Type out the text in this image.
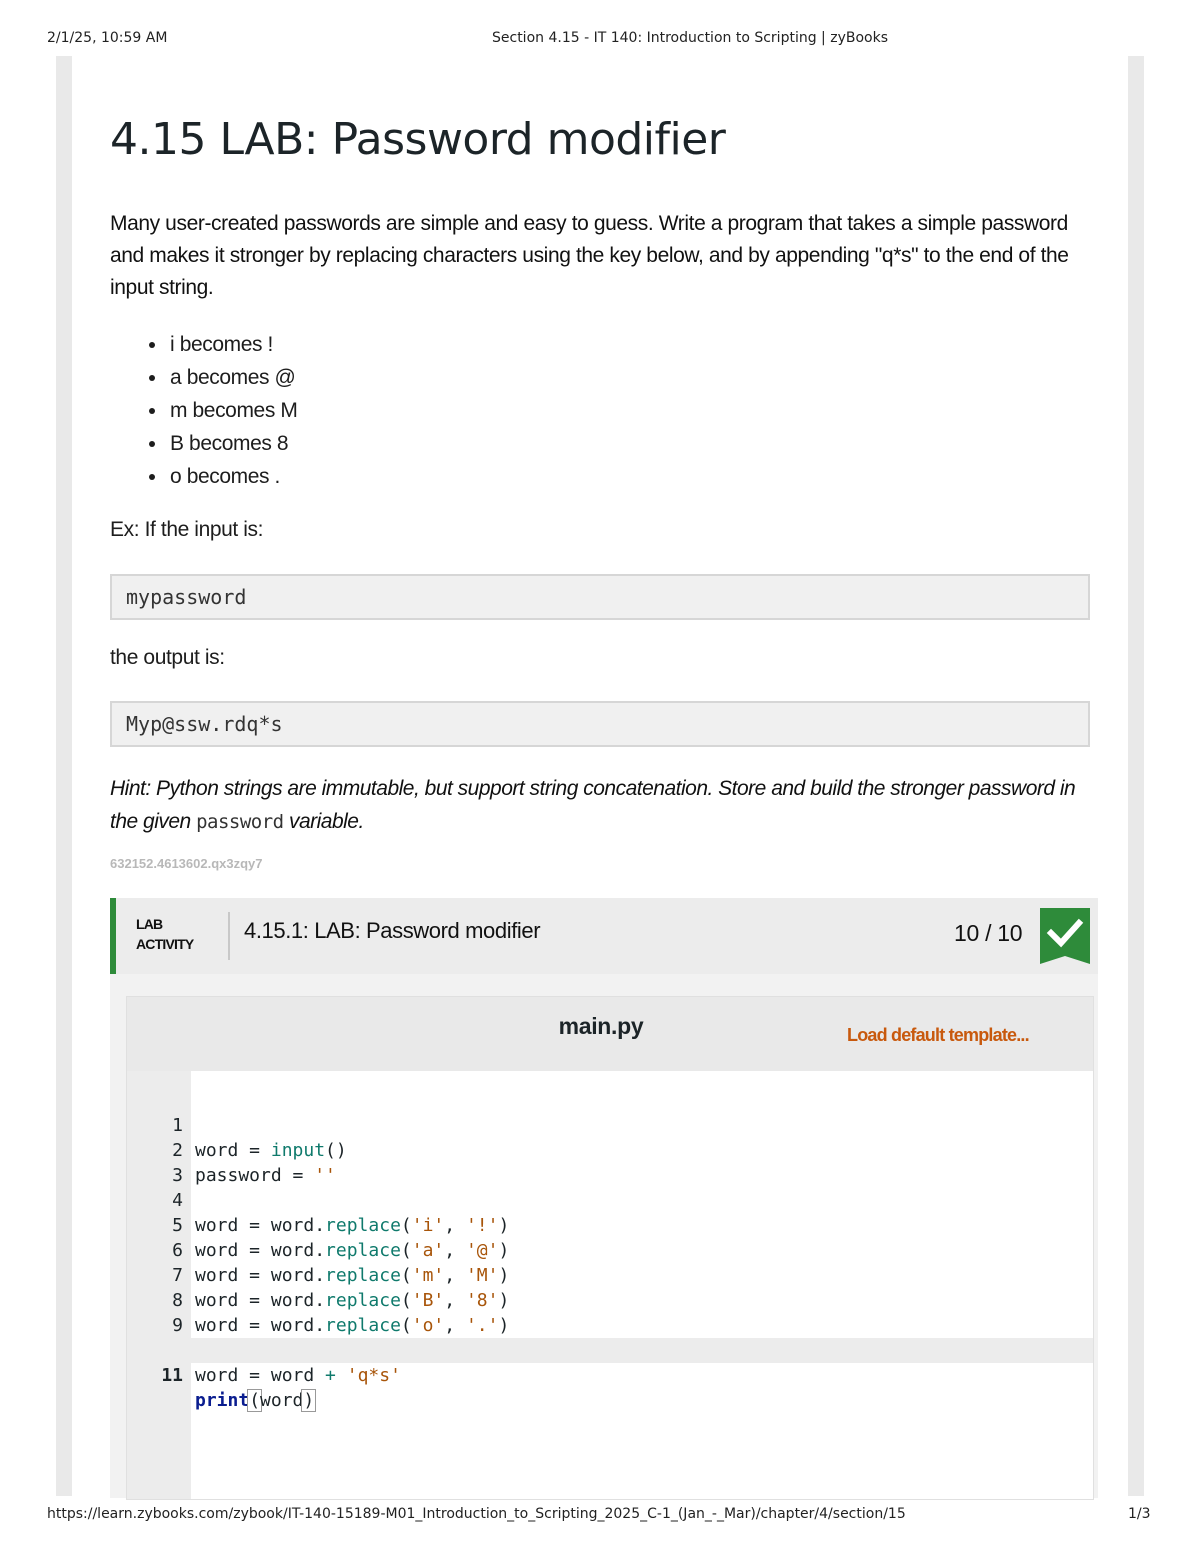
2/1/25, 10:59 AM	Section 4.15 - IT 140: Introduction to Scripting | zyBooks
4.15 LAB: Password modifier
Many user-created passwords are simple and easy to guess. Write a program that takes a simple password and makes it stronger by replacing characters using the key below, and by appending "q*s" to the end of the input string.
• i becomes !
• a becomes @
• m becomes M
• B becomes 8
• o becomes .
Ex: If the input is:
mypassword
the output is:
Myp@ssw.rdq*s
Hint: Python strings are immutable, but support string concatenation. Store and build the stronger password in the given password variable.
632152.4613602.qx3zqy7
LAB
ACTIVITY
4.15.1: LAB: Password modifier	10 / 10
main.py	Load default template...

1

word = input()

2

password = ''

3

4

word = word.replace('i', '!')

5

word = word.replace('a', '@')

6

word = word.replace('m', 'M')

7

word = word.replace('B', '8')

8

word = word.replace('o', '.')

9

word = word + 'q*s'

11

print(word)

https://learn.zybooks.com/zybook/IT-140-15189-M01_Introduction_to_Scripting_2025_C-1_(Jan_-_Mar)/chapter/4/section/15	1/3
